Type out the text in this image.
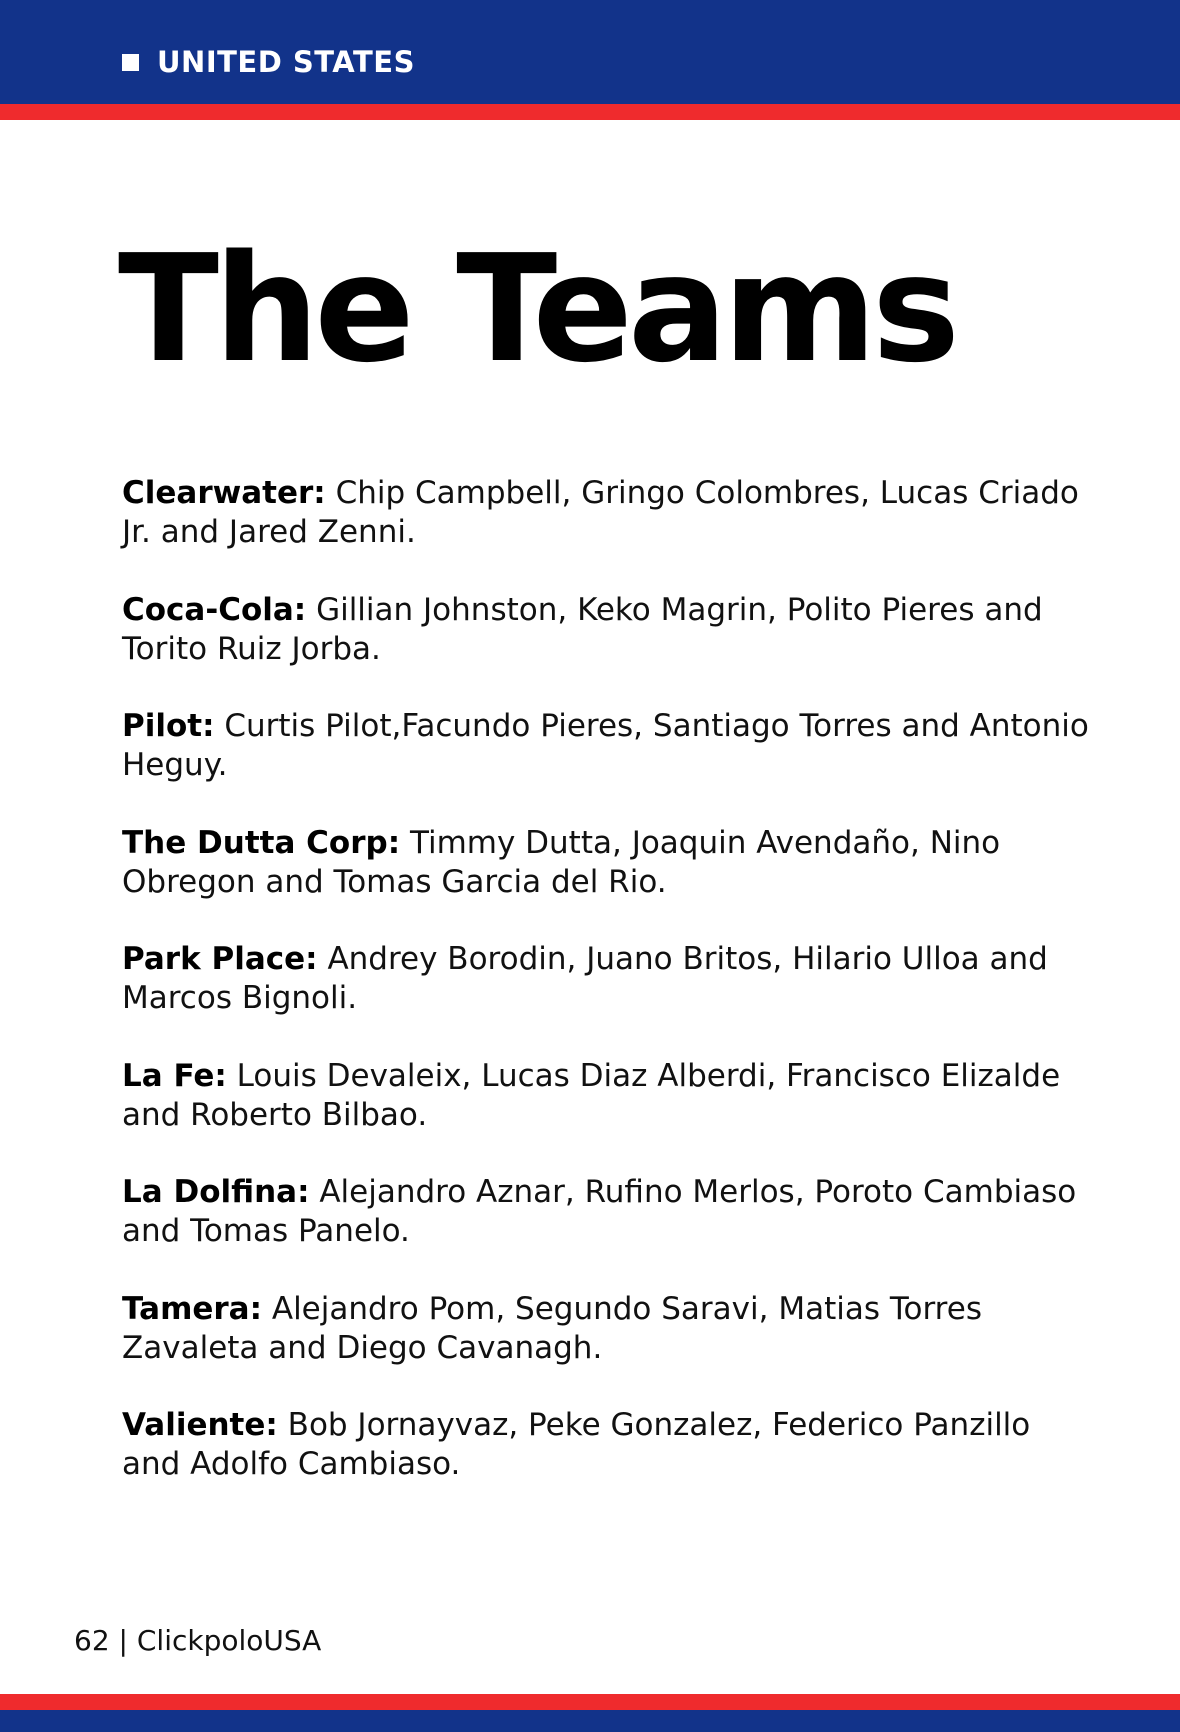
UNITED STATES
The Teams

Clearwater: Chip Campbell, Gringo Colombres, Lucas Criado Jr. and Jared Zenni.

Coca-Cola: Gillian Johnston, Keko Magrin, Polito Pieres and Torito Ruiz Jorba.

Pilot: Curtis Pilot,Facundo Pieres, Santiago Torres and Antonio Heguy.

The Dutta Corp: Timmy Dutta, Joaquin Avendaño, Nino Obregon and Tomas Garcia del Rio.

Park Place: Andrey Borodin, Juano Britos, Hilario Ulloa and Marcos Bignoli.

La Fe: Louis Devaleix, Lucas Diaz Alberdi, Francisco Elizalde and Roberto Bilbao.

La Dolfina: Alejandro Aznar, Rufino Merlos, Poroto Cambiaso and Tomas Panelo.

Tamera: Alejandro Pom, Segundo Saravi, Matias Torres Zavaleta and Diego Cavanagh.

Valiente: Bob Jornayvaz, Peke Gonzalez, Federico Panzillo and Adolfo Cambiaso.

62 | ClickpoloUSA
